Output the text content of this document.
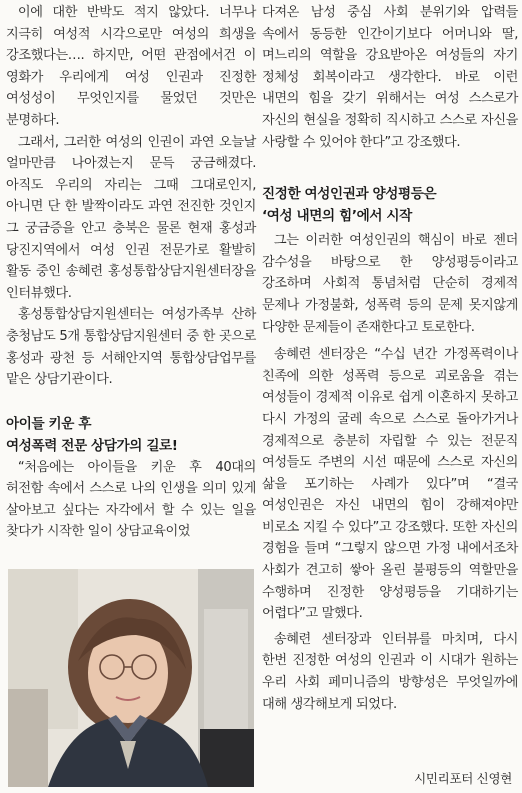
이에 대한 반박도 적지 않았다. 너무나 지극히 여성적 시각으로만 여성의 희생을 강조했다는…. 하지만, 어떤 관점에서건 이 영화가 우리에게 여성 인권과 진정한 여성성이 무엇인지를 물었던 것만은 분명하다.

그래서, 그러한 여성의 인권이 과연 오늘날 얼마만큼 나아졌는지 문득 궁금해졌다. 아직도 우리의 자리는 그때 그대로인지, 아니면 단 한 발짝이라도 과연 전진한 것인지 그 궁금증을 안고 충북은 물론 현재 홍성과 당진지역에서 여성 인권 전문가로 활발히 활동 중인 송혜련 홍성통합상담지원센터장을 인터뷰했다.

홍성통합상담지원센터는 여성가족부 산하 충청남도 5개 통합상담지원센터 중 한 곳으로 홍성과 광천 등 서해안지역 통합상담업무를 맡은 상담기관이다.

아이들 키운 후

여성폭력 전문 상담가의 길로!

“처음에는 아이들을 키운 후 40대의 허전함 속에서 스스로 나의 인생을 의미 있게 살아보고 싶다는 자각에서 할 수 있는 일을 찾다가 시작한 일이 상담교육이었

다져온 남성 중심 사회 분위기와 압력들 속에서 동등한 인간이기보다 어머니와 딸, 며느리의 역할을 강요받아온 여성들의 자기 정체성 회복이라고 생각한다. 바로 이런 내면의 힘을 갖기 위해서는 여성 스스로가 자신의 현실을 정확히 직시하고 스스로 자신을 사랑할 수 있어야 한다”고 강조했다.

진정한 여성인권과 양성평등은

‘여성 내면의 힘’에서 시작

그는 이러한 여성인권의 핵심이 바로 젠더 감수성을 바탕으로 한 양성평등이라고 강조하며 사회적 통념처럼 단순히 경제적 문제나 가정불화, 성폭력 등의 문제 못지않게 다양한 문제들이 존재한다고 토로한다.

송혜련 센터장은 “수십 년간 가정폭력이나 친족에 의한 성폭력 등으로 괴로움을 겪는 여성들이 경제적 이유로 쉽게 이혼하지 못하고 다시 가정의 굴레 속으로 스스로 돌아가거나 경제적으로 충분히 자립할 수 있는 전문직 여성들도 주변의 시선 때문에 스스로 자신의 삶을 포기하는 사례가 있다”며 “결국 여성인권은 자신 내면의 힘이 강해져야만 비로소 지킬 수 있다”고 강조했다. 또한 자신의 경험을 들며 “그렇지 않으면 가정 내에서조차 사회가 견고히 쌓아 올린 불평등의 역할만을 수행하며 진정한 양성평등을 기대하기는 어렵다”고 말했다.

송혜련 센터장과 인터뷰를 마치며, 다시 한번 진정한 여성의 인권과 이 시대가 원하는 우리 사회 페미니즘의 방향성은 무엇일까에 대해 생각해보게 되었다.

시민리포터 신영현
